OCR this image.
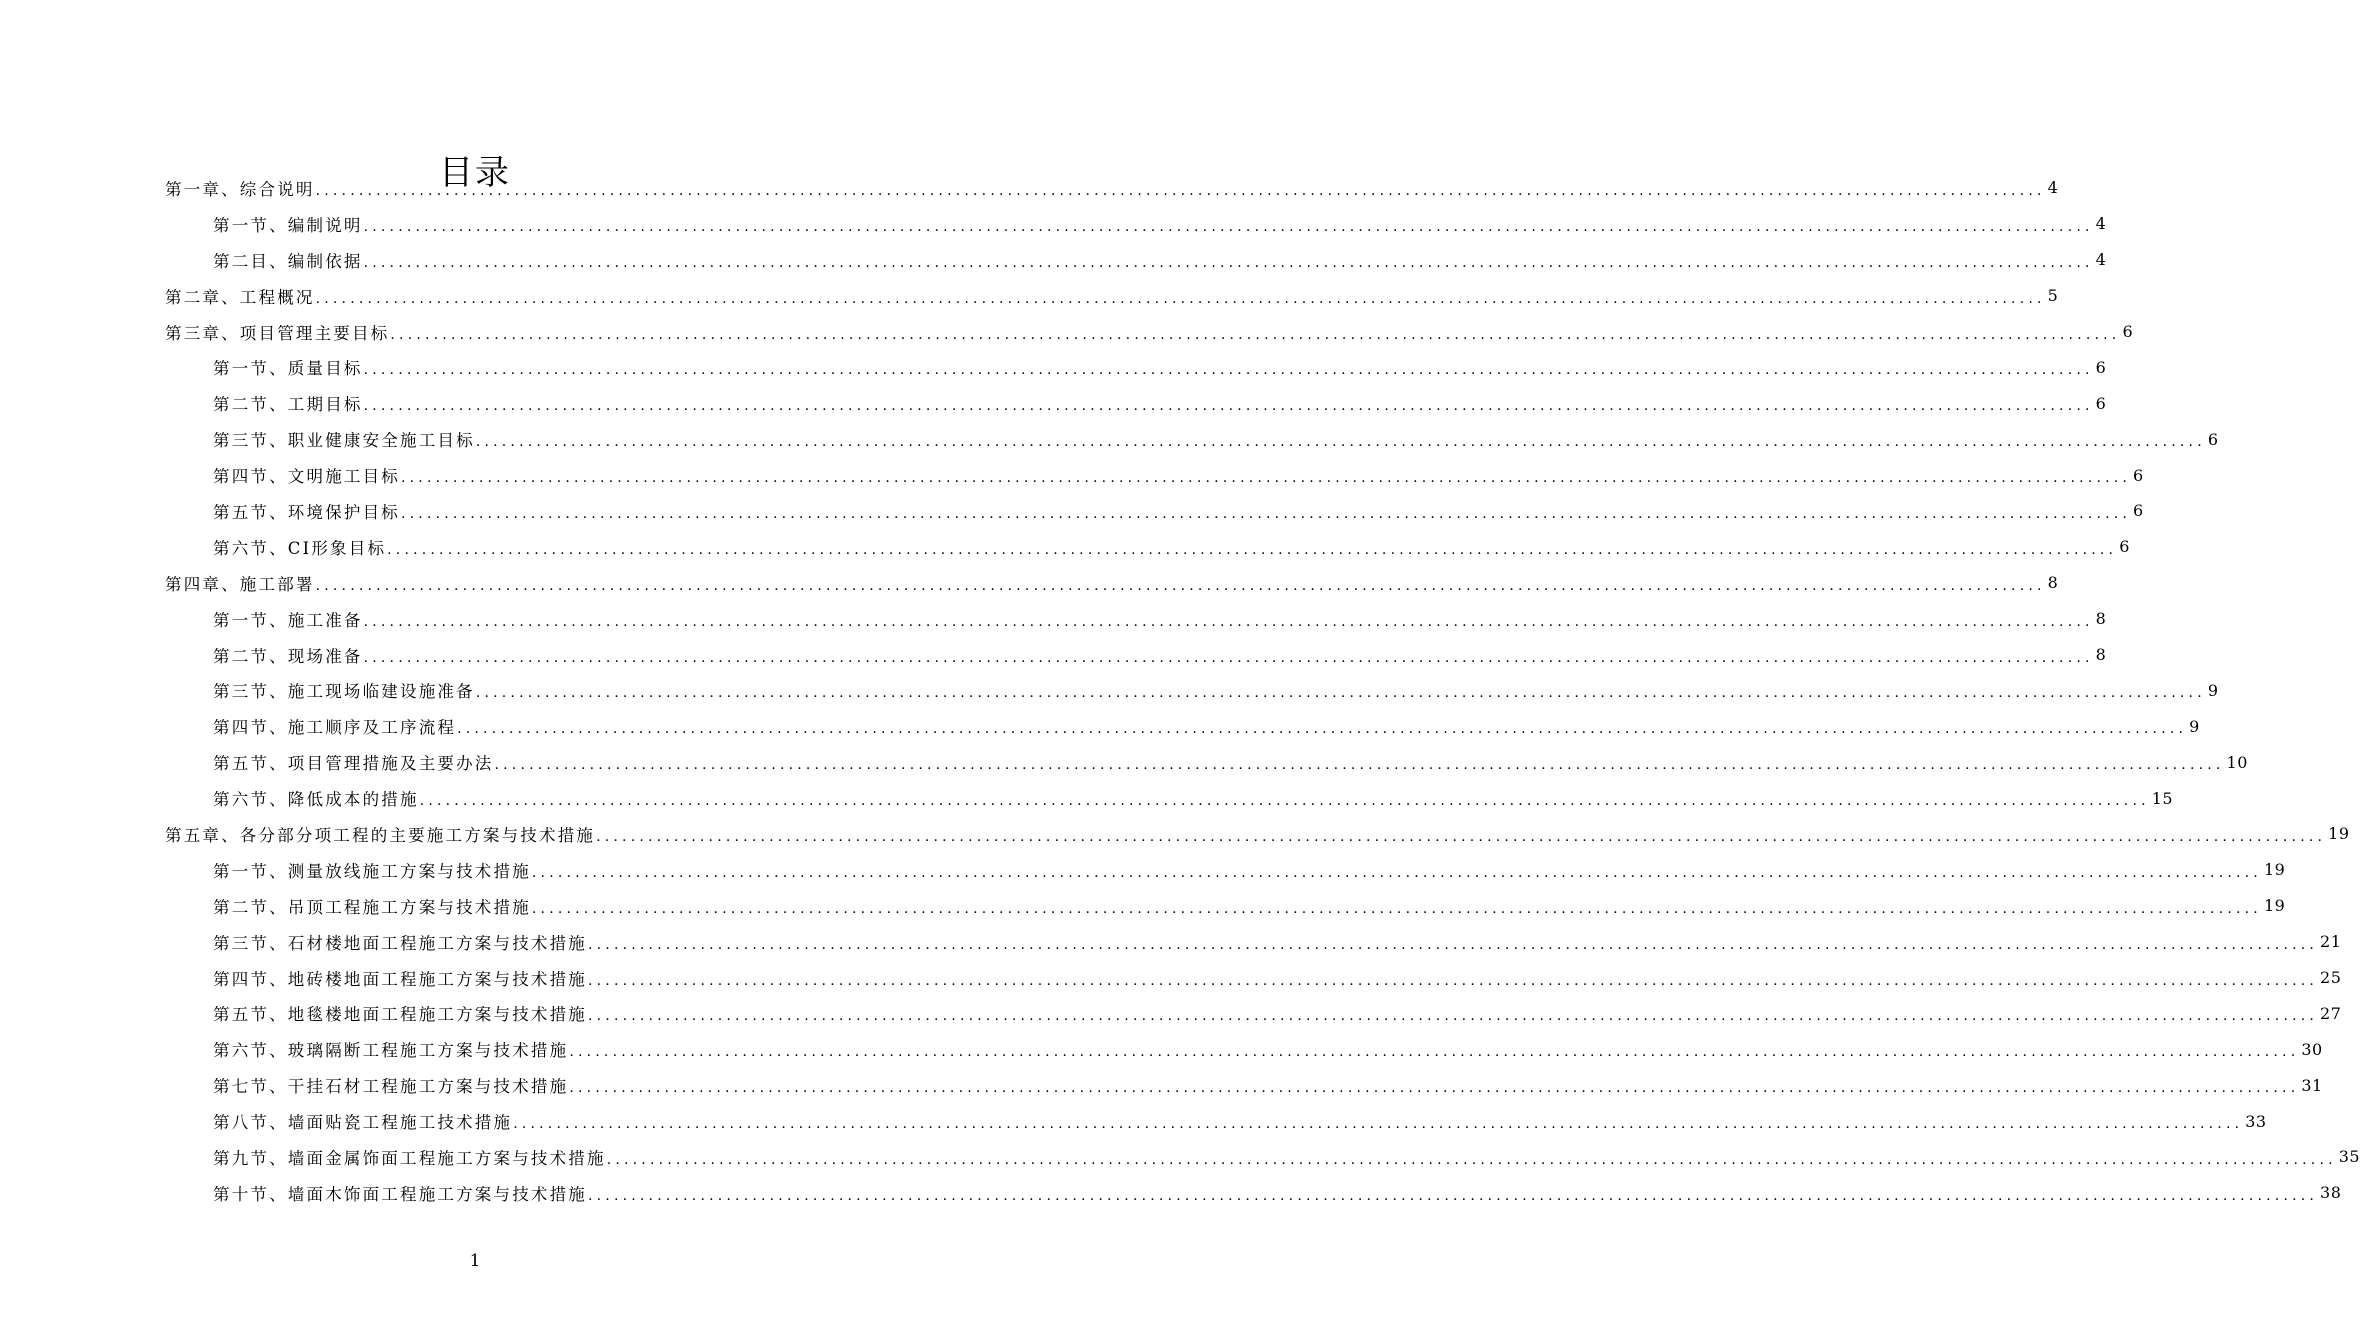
目录
第一章、综合说明 ........................................................................................................................................................................................................ 4
第一节、编制说明 ........................................................................................................................................................................................................ 4
第二目、编制依据 ........................................................................................................................................................................................................ 4
第二章、工程概况 ........................................................................................................................................................................................................ 5
第三章、项目管理主要目标 ........................................................................................................................................................................................................ 6
第一节、质量目标 ........................................................................................................................................................................................................ 6
第二节、工期目标 ........................................................................................................................................................................................................ 6
第三节、职业健康安全施工目标 ........................................................................................................................................................................................................ 6
第四节、文明施工目标 ........................................................................................................................................................................................................ 6
第五节、环境保护目标 ........................................................................................................................................................................................................ 6
第六节、CI形象目标 ........................................................................................................................................................................................................ 6
第四章、施工部署 ........................................................................................................................................................................................................ 8
第一节、施工准备 ........................................................................................................................................................................................................ 8
第二节、现场准备 ........................................................................................................................................................................................................ 8
第三节、施工现场临建设施准备 ........................................................................................................................................................................................................ 9
第四节、施工顺序及工序流程 ........................................................................................................................................................................................................ 9
第五节、项目管理措施及主要办法 ........................................................................................................................................................................................................ 10
第六节、降低成本的措施 ........................................................................................................................................................................................................ 15
第五章、各分部分项工程的主要施工方案与技术措施 ........................................................................................................................................................................................................ 19
第一节、测量放线施工方案与技术措施 ........................................................................................................................................................................................................ 19
第二节、吊顶工程施工方案与技术措施 ........................................................................................................................................................................................................ 19
第三节、石材楼地面工程施工方案与技术措施 ........................................................................................................................................................................................................ 21
第四节、地砖楼地面工程施工方案与技术措施 ........................................................................................................................................................................................................ 25
第五节、地毯楼地面工程施工方案与技术措施 ........................................................................................................................................................................................................ 27
第六节、玻璃隔断工程施工方案与技术措施 ........................................................................................................................................................................................................ 30
第七节、干挂石材工程施工方案与技术措施 ........................................................................................................................................................................................................ 31
第八节、墙面贴瓷工程施工技术措施 ........................................................................................................................................................................................................ 33
第九节、墙面金属饰面工程施工方案与技术措施 ........................................................................................................................................................................................................ 35
第十节、墙面木饰面工程施工方案与技术措施 ........................................................................................................................................................................................................ 38
1
